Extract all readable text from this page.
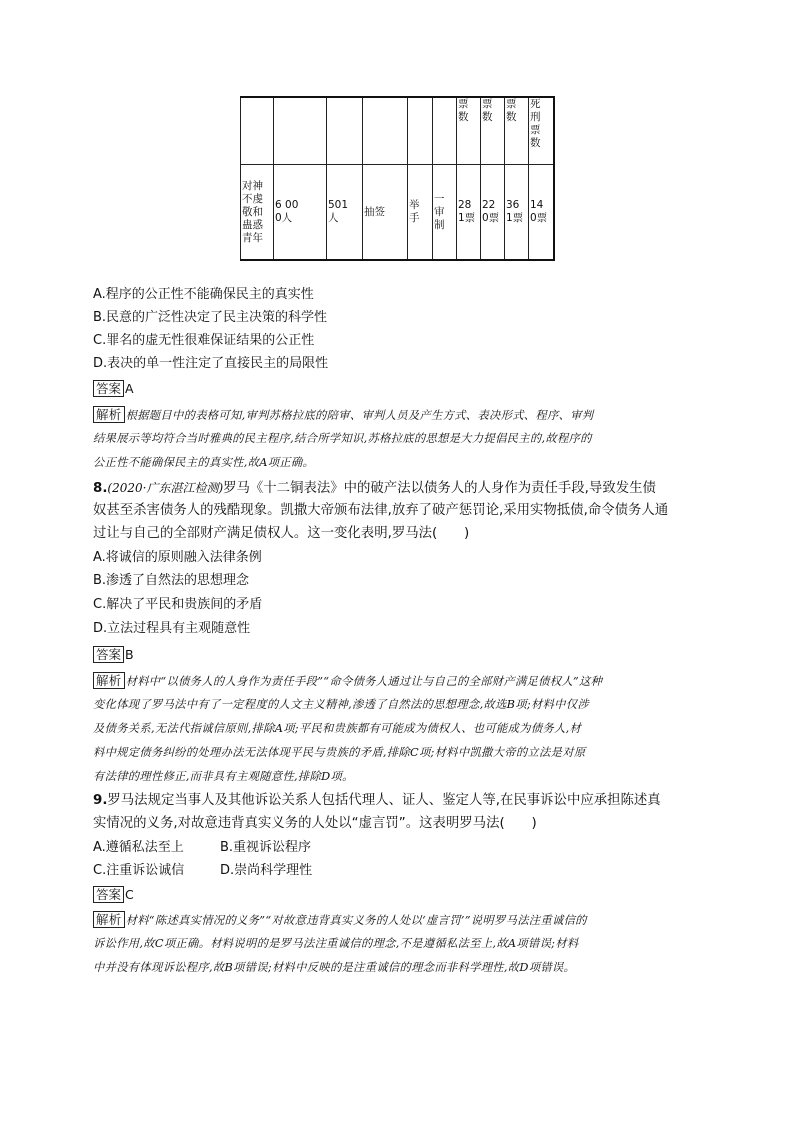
						票数	票数	票数	死刑票数

对神不虔敬和蛊惑青年	6 000人	501人	抽签	举手	一审制	281票	220票	361票	140票
A.程序的公正性不能确保民主的真实性
B.民意的广泛性决定了民主决策的科学性
C.罪名的虚无性很难保证结果的公正性
D.表决的单一性注定了直接民主的局限性
答案 A
解析 根据题目中的表格可知,审判苏格拉底的陪审、审判人员及产生方式、表决形式、程序、审判
结果展示等均符合当时雅典的民主程序,结合所学知识,苏格拉底的思想是大力提倡民主的,故程序的
公正性不能确保民主的真实性,故A项正确。
8.(2020·广东湛江检测)罗马《十二铜表法》中的破产法以债务人的人身作为责任手段,导致发生债
奴甚至杀害债务人的残酷现象。凯撒大帝颁布法律,放弃了破产惩罚论,采用实物抵债,命令债务人通
过让与自己的全部财产满足债权人。这一变化表明,罗马法(　　)
A.将诚信的原则融入法律条例
B.渗透了自然法的思想理念
C.解决了平民和贵族间的矛盾
D.立法过程具有主观随意性
答案 B
解析 材料中“以债务人的人身作为责任手段”“命令债务人通过让与自己的全部财产满足债权人”这种
变化体现了罗马法中有了一定程度的人文主义精神,渗透了自然法的思想理念,故选B项;材料中仅涉
及债务关系,无法代指诚信原则,排除A项;平民和贵族都有可能成为债权人、也可能成为债务人,材
料中规定债务纠纷的处理办法无法体现平民与贵族的矛盾,排除C项;材料中凯撒大帝的立法是对原
有法律的理性修正,而非具有主观随意性,排除D项。
9.罗马法规定当事人及其他诉讼关系人包括代理人、证人、鉴定人等,在民事诉讼中应承担陈述真
实情况的义务,对故意违背真实义务的人处以“虚言罚”。这表明罗马法(　　)
A.遵循私法至上	B.重视诉讼程序
C.注重诉讼诚信	D.崇尚科学理性
答案 C
解析 材料“陈述真实情况的义务”“对故意违背真实义务的人处以‘虚言罚’”说明罗马法注重诚信的
诉讼作用,故C项正确。材料说明的是罗马法注重诚信的理念,不是遵循私法至上,故A项错误;材料
中并没有体现诉讼程序,故B项错误;材料中反映的是注重诚信的理念而非科学理性,故D项错误。
